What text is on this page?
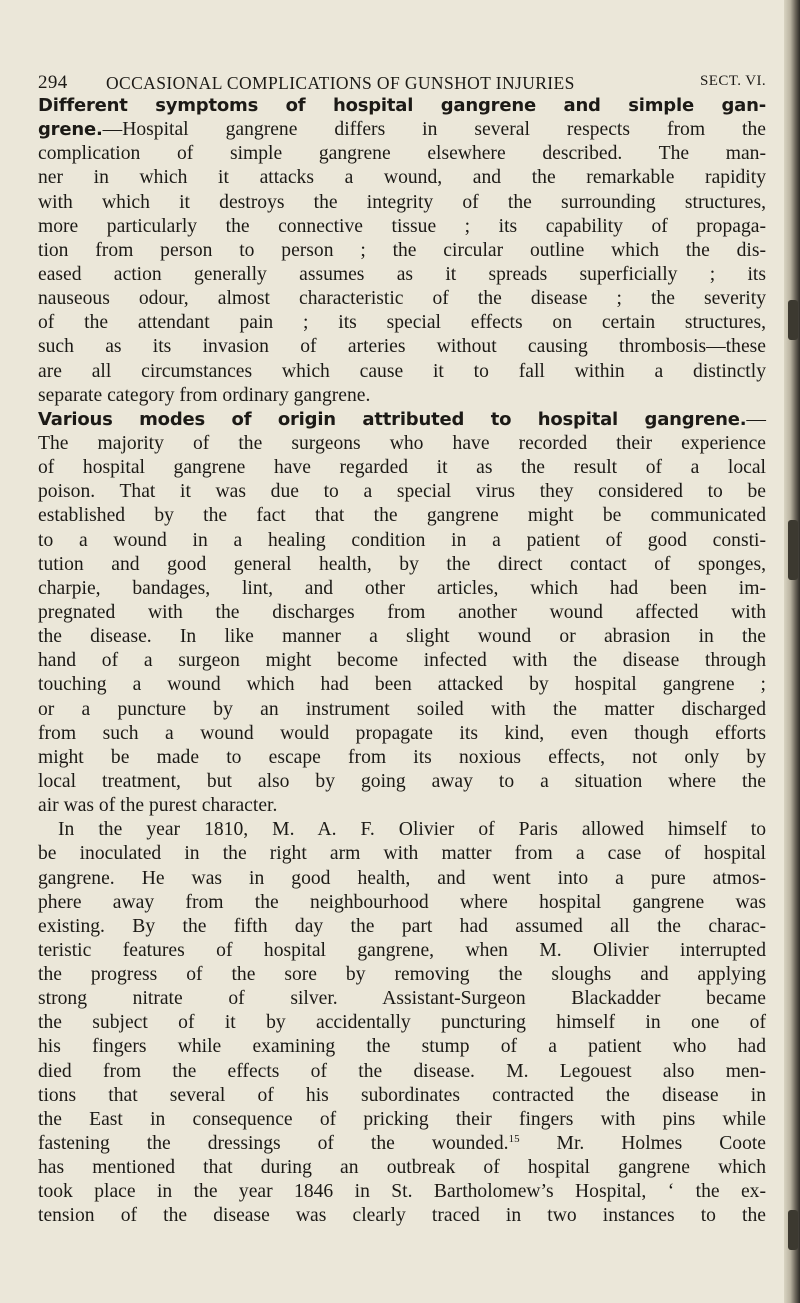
294 OCCASIONAL COMPLICATIONS OF GUNSHOT INJURIES	SECT. VI.
Different symptoms of hospital gangrene and simple gan-
grene.—Hospital gangrene differs in several respects from the
complication of simple gangrene elsewhere described. The man-
ner in which it attacks a wound, and the remarkable rapidity
with which it destroys the integrity of the surrounding structures,
more particularly the connective tissue ; its capability of propaga-
tion from person to person ; the circular outline which the dis-
eased action generally assumes as it spreads superficially ; its
nauseous odour, almost characteristic of the disease ; the severity
of the attendant pain ; its special effects on certain structures,
such as its invasion of arteries without causing thrombosis—these
are all circumstances which cause it to fall within a distinctly
separate category from ordinary gangrene.
Various modes of origin attributed to hospital gangrene.—
The majority of the surgeons who have recorded their experience
of hospital gangrene have regarded it as the result of a local
poison. That it was due to a special virus they considered to be
established by the fact that the gangrene might be communicated
to a wound in a healing condition in a patient of good consti-
tution and good general health, by the direct contact of sponges,
charpie, bandages, lint, and other articles, which had been im-
pregnated with the discharges from another wound affected with
the disease. In like manner a slight wound or abrasion in the
hand of a surgeon might become infected with the disease through
touching a wound which had been attacked by hospital gangrene ;
or a puncture by an instrument soiled with the matter discharged
from such a wound would propagate its kind, even though efforts
might be made to escape from its noxious effects, not only by
local treatment, but also by going away to a situation where the
air was of the purest character.
In the year 1810, M. A. F. Olivier of Paris allowed himself to
be inoculated in the right arm with matter from a case of hospital
gangrene. He was in good health, and went into a pure atmos-
phere away from the neighbourhood where hospital gangrene was
existing. By the fifth day the part had assumed all the charac-
teristic features of hospital gangrene, when M. Olivier interrupted
the progress of the sore by removing the sloughs and applying
strong nitrate of silver. Assistant-Surgeon Blackadder became
the subject of it by accidentally puncturing himself in one of
his fingers while examining the stump of a patient who had
died from the effects of the disease. M. Legouest also men-
tions that several of his subordinates contracted the disease in
the East in consequence of pricking their fingers with pins while
fastening the dressings of the wounded.$^{15}$ Mr. Holmes Coote
has mentioned that during an outbreak of hospital gangrene which
took place in the year 1846 in St. Bartholomew’s Hospital, ‘ the ex-
tension of the disease was clearly traced in two instances to the
